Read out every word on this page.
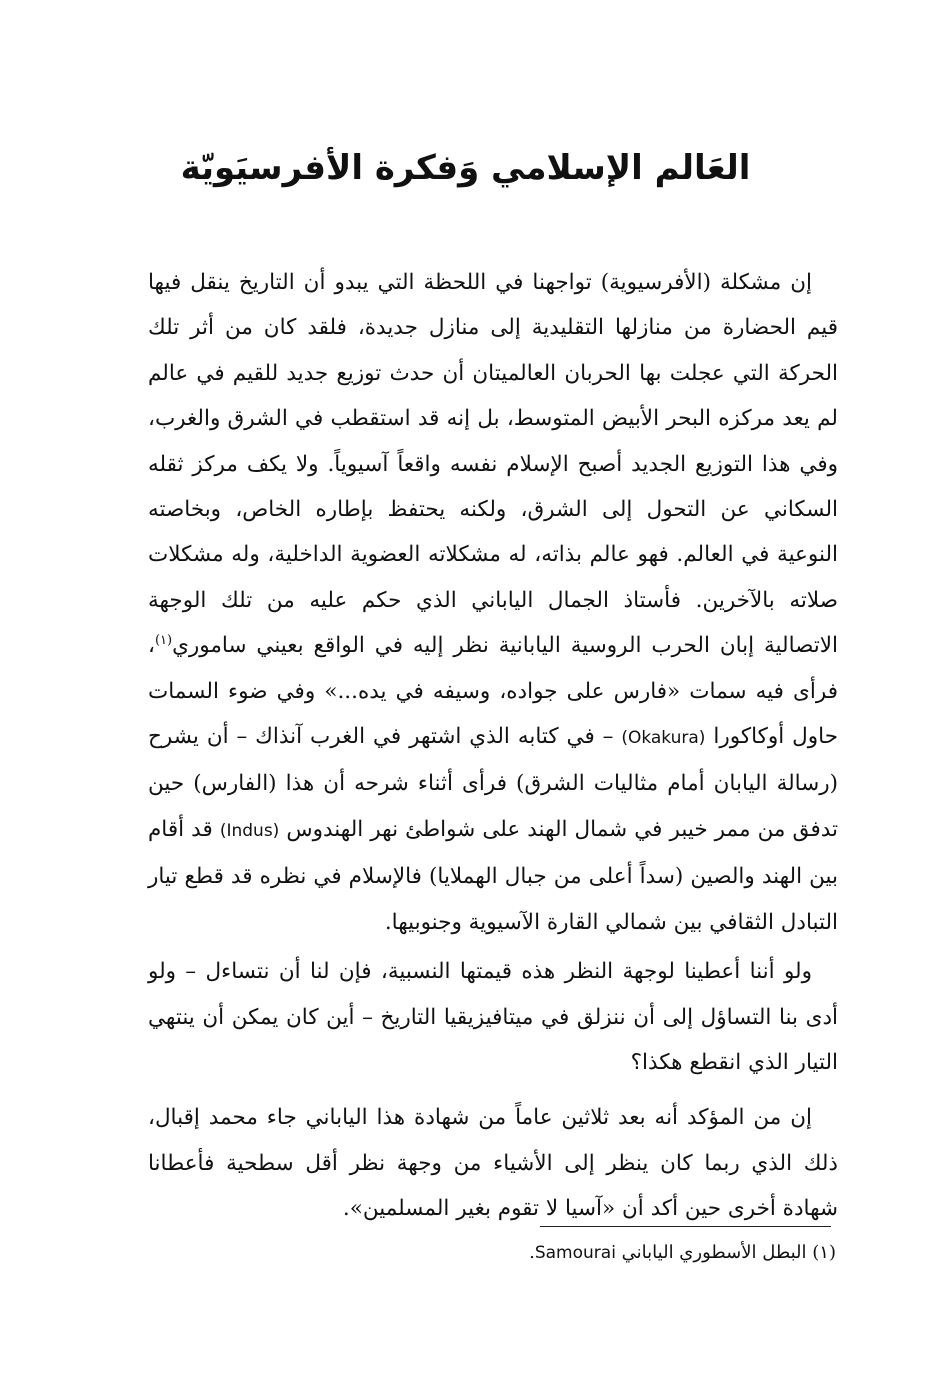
العَالم الإسلامي وَفكرة الأفرسيَويّة

إن مشكلة (الأفرسيوية) تواجهنا في اللحظة التي يبدو أن التاريخ ينقل فيها قيم الحضارة من منازلها التقليدية إلى منازل جديدة، فلقد كان من أثر تلك الحركة التي عجلت بها الحربان العالميتان أن حدث توزيع جديد للقيم في عالم لم يعد مركزه البحر الأبيض المتوسط، بل إنه قد استقطب في الشرق والغرب، وفي هذا التوزيع الجديد أصبح الإسلام نفسه واقعاً آسيوياً. ولا يكف مركز ثقله السكاني عن التحول إلى الشرق، ولكنه يحتفظ بإطاره الخاص، وبخاصته النوعية في العالم. فهو عالم بذاته، له مشكلاته العضوية الداخلية، وله مشكلات صلاته بالآخرين. فأستاذ الجمال الياباني الذي حكم عليه من تلك الوجهة الاتصالية إبان الحرب الروسية اليابانية نظر إليه في الواقع بعيني ساموري$^{(١)}$، فرأى فيه سمات «فارس على جواده، وسيفه في يده...» وفي ضوء السمات حاول أوكاكورا (Okakura) – في كتابه الذي اشتهر في الغرب آنذاك – أن يشرح (رسالة اليابان أمام مثاليات الشرق) فرأى أثناء شرحه أن هذا (الفارس) حين تدفق من ممر خيبر في شمال الهند على شواطئ نهر الهندوس (Indus) قد أقام بين الهند والصين (سداً أعلى من جبال الهملايا) فالإسلام في نظره قد قطع تيار التبادل الثقافي بين شمالي القارة الآسيوية وجنوبيها.

ولو أننا أعطينا لوجهة النظر هذه قيمتها النسبية، فإن لنا أن نتساءل – ولو أدى بنا التساؤل إلى أن ننزلق في ميتافيزيقيا التاريخ – أين كان يمكن أن ينتهي التيار الذي انقطع هكذا؟

إن من المؤكد أنه بعد ثلاثين عاماً من شهادة هذا الياباني جاء محمد إقبال، ذلك الذي ربما كان ينظر إلى الأشياء من وجهة نظر أقل سطحية فأعطانا شهادة أخرى حين أكد أن «آسيا لا تقوم بغير المسلمين».

(١) البطل الأسطوري الياباني Samourai.
